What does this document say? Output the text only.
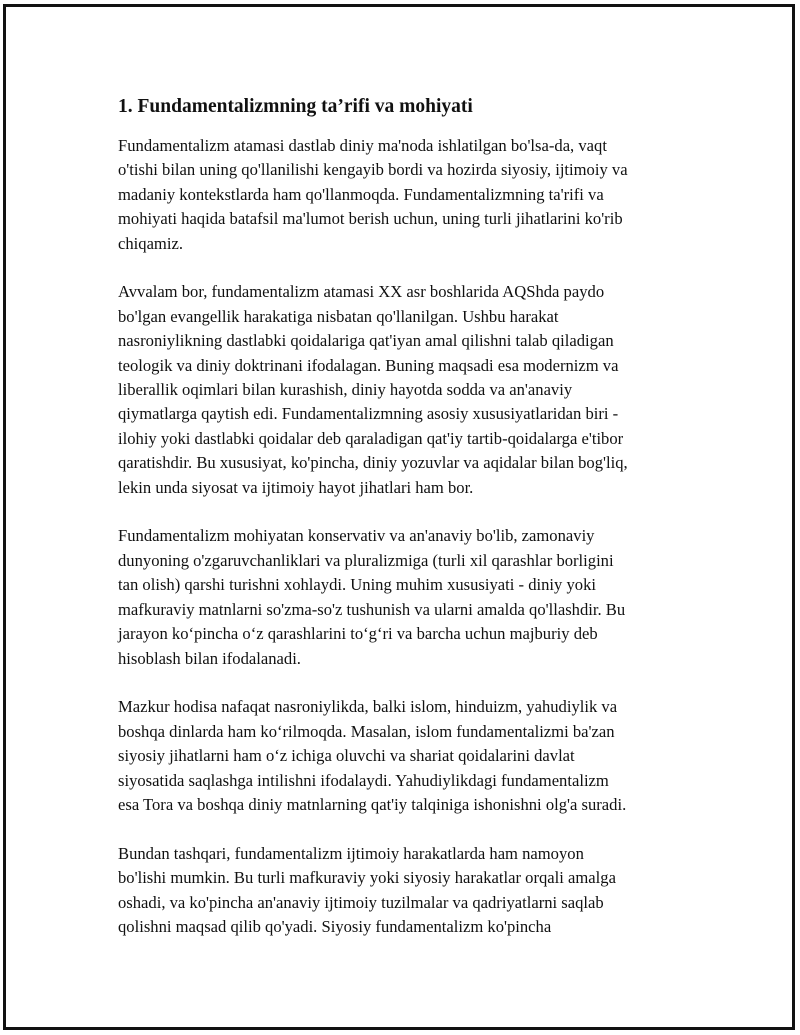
1. Fundamentalizmning ta’rifi va mohiyati

Fundamentalizm atamasi dastlab diniy ma'noda ishlatilgan bo'lsa-da, vaqt
o'tishi bilan uning qo'llanilishi kengayib bordi va hozirda siyosiy, ijtimoiy va
madaniy kontekstlarda ham qo'llanmoqda. Fundamentalizmning ta'rifi va
mohiyati haqida batafsil ma'lumot berish uchun, uning turli jihatlarini ko'rib
chiqamiz.

Avvalam bor, fundamentalizm atamasi XX asr boshlarida AQShda paydo
bo'lgan evangellik harakatiga nisbatan qo'llanilgan. Ushbu harakat
nasroniylikning dastlabki qoidalariga qat'iyan amal qilishni talab qiladigan
teologik va diniy doktrinani ifodalagan. Buning maqsadi esa modernizm va
liberallik oqimlari bilan kurashish, diniy hayotda sodda va an'anaviy
qiymatlarga qaytish edi. Fundamentalizmning asosiy xususiyatlaridan biri -
ilohiy yoki dastlabki qoidalar deb qaraladigan qat'iy tartib-qoidalarga e'tibor
qaratishdir. Bu xususiyat, ko'pincha, diniy yozuvlar va aqidalar bilan bog'liq,
lekin unda siyosat va ijtimoiy hayot jihatlari ham bor.

Fundamentalizm mohiyatan konservativ va an'anaviy bo'lib, zamonaviy
dunyoning o'zgaruvchanliklari va pluralizmiga (turli xil qarashlar borligini
tan olish) qarshi turishni xohlaydi. Uning muhim xususiyati - diniy yoki
mafkuraviy matnlarni so'zma-so'z tushunish va ularni amalda qo'llashdir. Bu
jarayon ko‘pincha o‘z qarashlarini to‘g‘ri va barcha uchun majburiy deb
hisoblash bilan ifodalanadi.

Mazkur hodisa nafaqat nasroniylikda, balki islom, hinduizm, yahudiylik va
boshqa dinlarda ham ko‘rilmoqda. Masalan, islom fundamentalizmi ba'zan
siyosiy jihatlarni ham o‘z ichiga oluvchi va shariat qoidalarini davlat
siyosatida saqlashga intilishni ifodalaydi. Yahudiylikdagi fundamentalizm
esa Tora va boshqa diniy matnlarning qat'iy talqiniga ishonishni olg'a suradi.

Bundan tashqari, fundamentalizm ijtimoiy harakatlarda ham namoyon
bo'lishi mumkin. Bu turli mafkuraviy yoki siyosiy harakatlar orqali amalga
oshadi, va ko'pincha an'anaviy ijtimoiy tuzilmalar va qadriyatlarni saqlab
qolishni maqsad qilib qo'yadi. Siyosiy fundamentalizm ko'pincha
